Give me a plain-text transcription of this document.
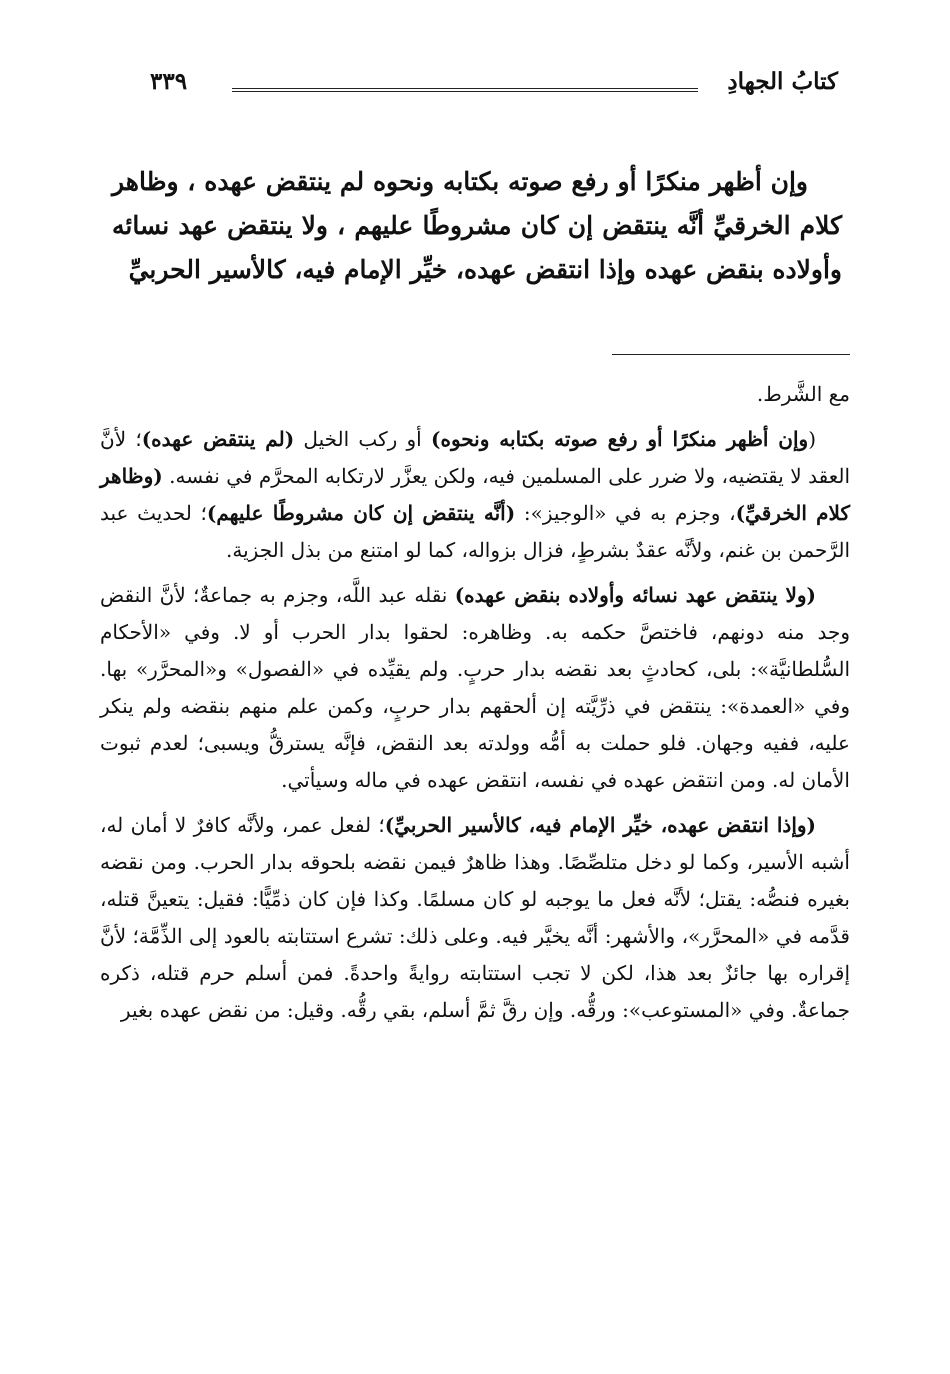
كتابُ الجهادِ
٣٣٩

وإن أظهر منكرًا أو رفع صوته بكتابه ونحوه لم ينتقض عهده ، وظاهر كلام الخرقيِّ أنَّه ينتقض إن كان مشروطًا عليهم ، ولا ينتقض عهد نسائه وأولاده بنقض عهده وإذا انتقض عهده، خيِّر الإمام فيه، كالأسير الحربيِّ

مع الشَّرط.

(وإن أظهر منكرًا أو رفع صوته بكتابه ونحوه) أو ركب الخيل (لم ينتقض عهده)؛ لأنَّ العقد لا يقتضيه، ولا ضرر على المسلمين فيه، ولكن يعزَّر لارتكابه المحرَّم في نفسه. (وظاهر كلام الخرقيِّ)، وجزم به في «الوجيز»: (أنَّه ينتقض إن كان مشروطًا عليهم)؛ لحديث عبد الرَّحمن بن غنم، ولأنَّه عقدٌ بشرطٍ، فزال بزواله، كما لو امتنع من بذل الجزية.

(ولا ينتقض عهد نسائه وأولاده بنقض عهده) نقله عبد اللَّه، وجزم به جماعةٌ؛ لأنَّ النقض وجد منه دونهم، فاختصَّ حكمه به. وظاهره: لحقوا بدار الحرب أو لا. وفي «الأحكام السُّلطانيَّة»: بلى، كحادثٍ بعد نقضه بدار حربٍ. ولم يقيِّده في «الفصول» و«المحرَّر» بها. وفي «العمدة»: ينتقض في ذرِّيَّته إن ألحقهم بدار حربٍ، وكمن علم منهم بنقضه ولم ينكر عليه، ففيه وجهان. فلو حملت به أمُّه وولدته بعد النقض، فإنَّه يسترقُّ ويسبى؛ لعدم ثبوت الأمان له. ومن انتقض عهده في نفسه، انتقض عهده في ماله وسيأتي.

(وإذا انتقض عهده، خيِّر الإمام فيه، كالأسير الحربيِّ)؛ لفعل عمر، ولأنَّه كافرٌ لا أمان له، أشبه الأسير، وكما لو دخل متلصِّصًا. وهذا ظاهرٌ فيمن نقضه بلحوقه بدار الحرب. ومن نقضه بغيره فنصُّه: يقتل؛ لأنَّه فعل ما يوجبه لو كان مسلمًا. وكذا فإن كان ذمِّيًّا: فقيل: يتعينَّ قتله، قدَّمه في «المحرَّر»، والأشهر: أنَّه يخيَّر فيه. وعلى ذلك: تشرع استتابته بالعود إلى الذِّمَّة؛ لأنَّ إقراره بها جائزٌ بعد هذا، لكن لا تجب استتابته روايةً واحدةً. فمن أسلم حرم قتله، ذكره جماعةٌ. وفي «المستوعب»: ورقُّه. وإن رقَّ ثمَّ أسلم، بقي رقُّه. وقيل: من نقض عهده بغير
